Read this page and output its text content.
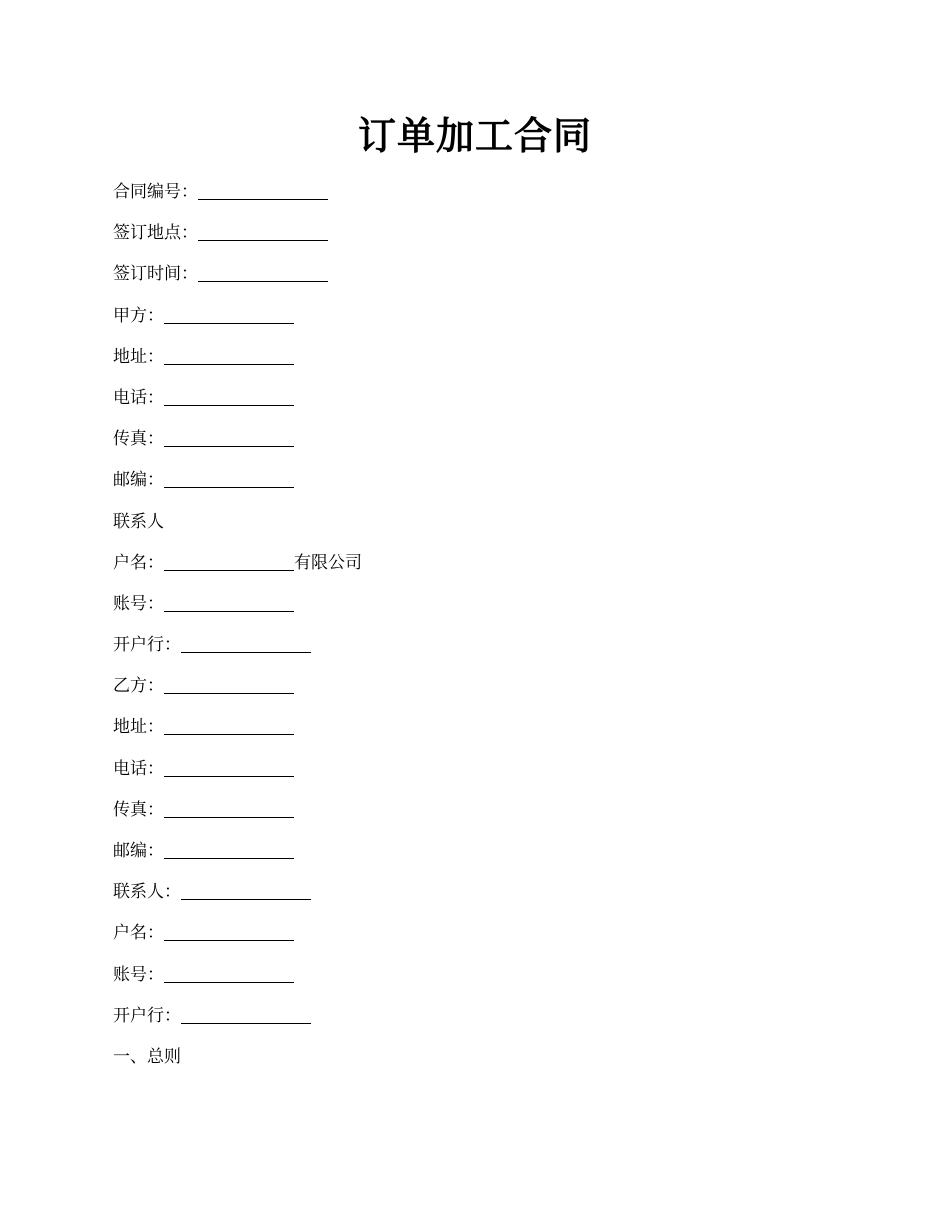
订单加工合同
合同编号：
签订地点：
签订时间：
甲方：
地址：
电话：
传真：
邮编：
联系人
户名：	有限公司
账号：
开户行：
乙方：
地址：
电话：
传真：
邮编：
联系人：
户名：
账号：
开户行：
一、总则
